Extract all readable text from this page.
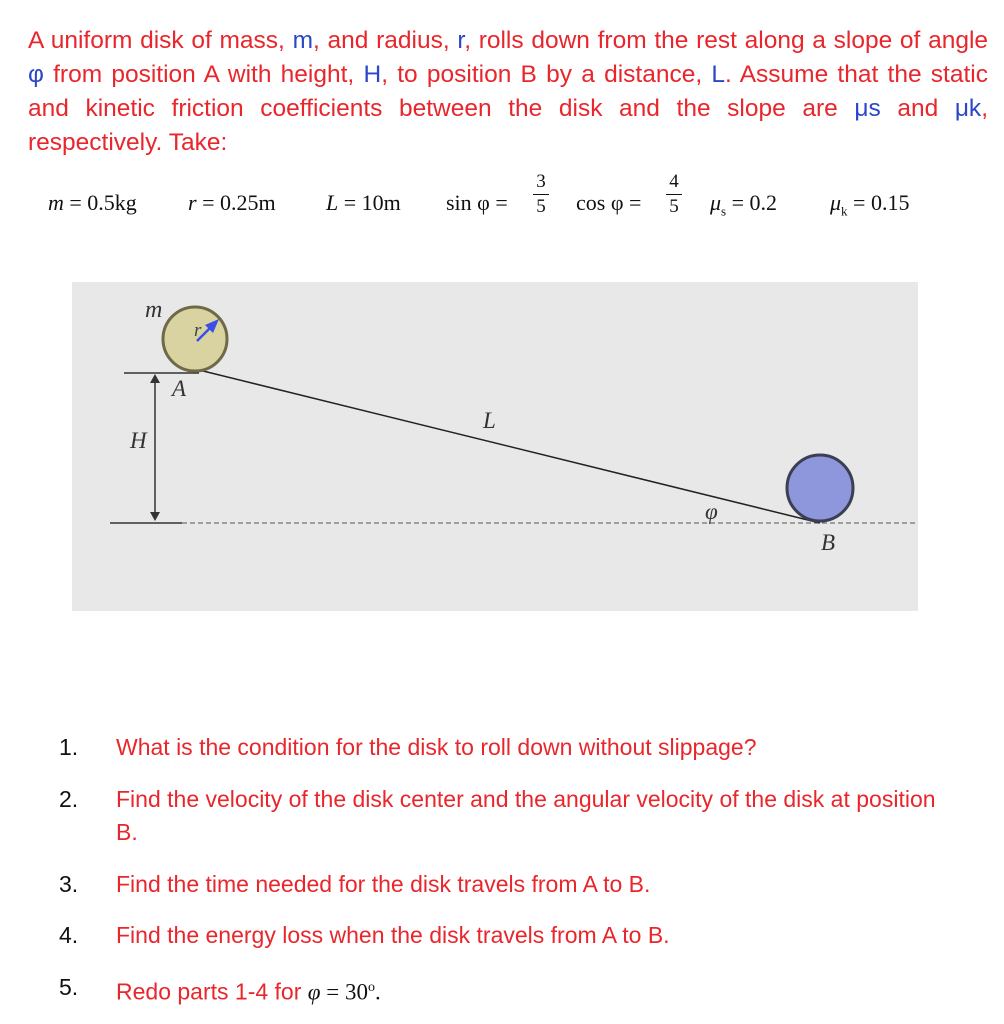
A uniform disk of mass, m, and radius, r, rolls down from the rest along a slope of angle φ from position A with height, H, to position B by a distance, L. Assume that the static and kinetic friction coefficients between the disk and the slope are μs and μk, respectively. Take:
m = 0.5kg r = 0.25m L = 10m sin φ =
3
5 cos φ =
4
5 $\mu_s = 0.2$ $\mu_k = 0.15$
m
r
A
H
L
φ
B
1.	What is the condition for the disk to roll down without slippage?
2.	Find the velocity of the disk center and the angular velocity of the disk at position B.
3.	Find the time needed for the disk travels from A to B.
4.	Find the energy loss when the disk travels from A to B.
5.	Redo parts 1-4 for $\varphi = 30^o$.
